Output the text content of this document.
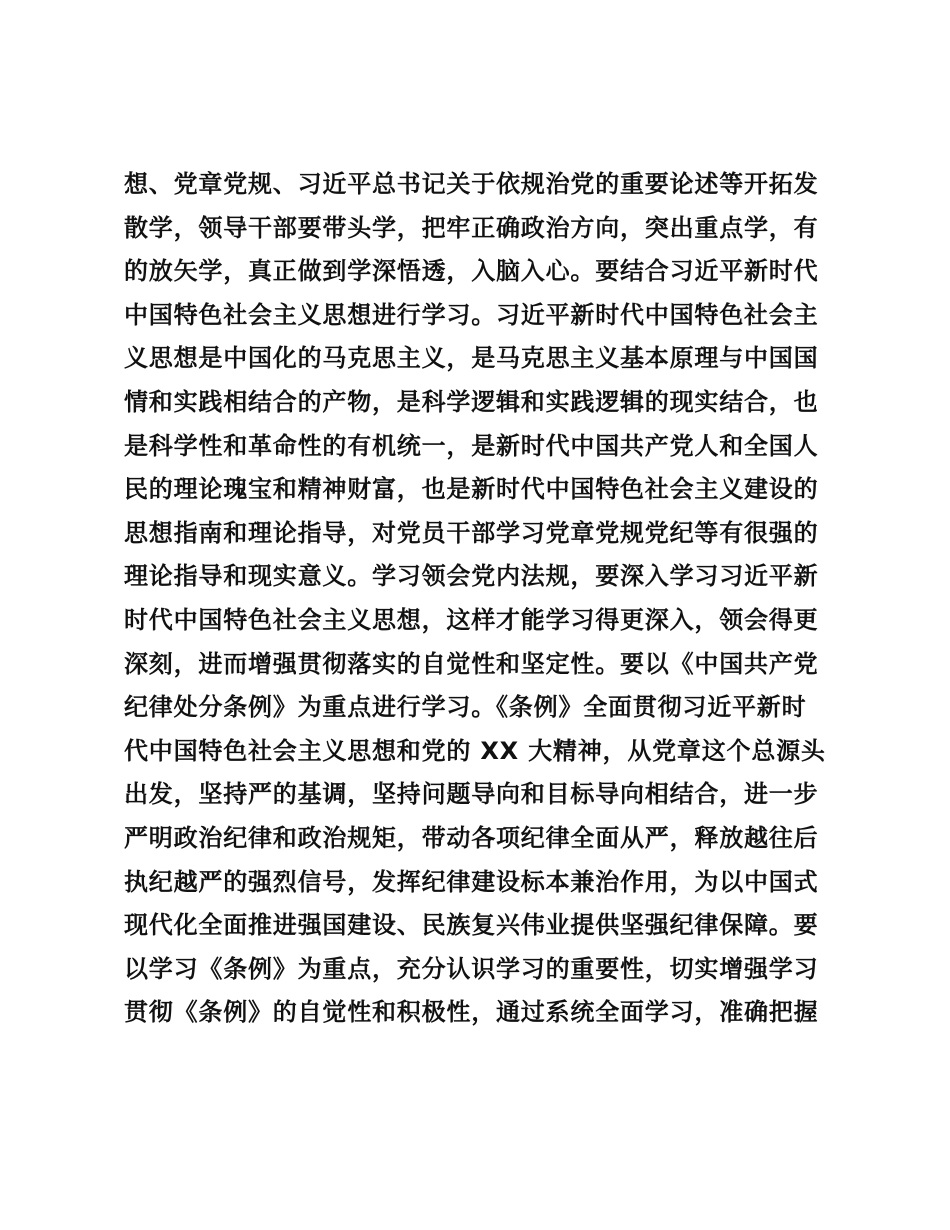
想、党章党规、习近平总书记关于依规治党的重要论述等开拓发
散学，领导干部要带头学，把牢正确政治方向，突出重点学，有
的放矢学，真正做到学深悟透，入脑入心。要结合习近平新时代
中国特色社会主义思想进行学习。习近平新时代中国特色社会主
义思想是中国化的马克思主义，是马克思主义基本原理与中国国
情和实践相结合的产物，是科学逻辑和实践逻辑的现实结合，也
是科学性和革命性的有机统一，是新时代中国共产党人和全国人
民的理论瑰宝和精神财富，也是新时代中国特色社会主义建设的
思想指南和理论指导，对党员干部学习党章党规党纪等有很强的
理论指导和现实意义。学习领会党内法规，要深入学习习近平新
时代中国特色社会主义思想，这样才能学习得更深入，领会得更
深刻，进而增强贯彻落实的自觉性和坚定性。要以《中国共产党
纪律处分条例》为重点进行学习。《条例》全面贯彻习近平新时
代中国特色社会主义思想和党的 XX 大精神，从党章这个总源头
出发，坚持严的基调，坚持问题导向和目标导向相结合，进一步
严明政治纪律和政治规矩，带动各项纪律全面从严，释放越往后
执纪越严的强烈信号，发挥纪律建设标本兼治作用，为以中国式
现代化全面推进强国建设、民族复兴伟业提供坚强纪律保障。要
以学习《条例》为重点，充分认识学习的重要性，切实增强学习
贯彻《条例》的自觉性和积极性，通过系统全面学习，准确把握
